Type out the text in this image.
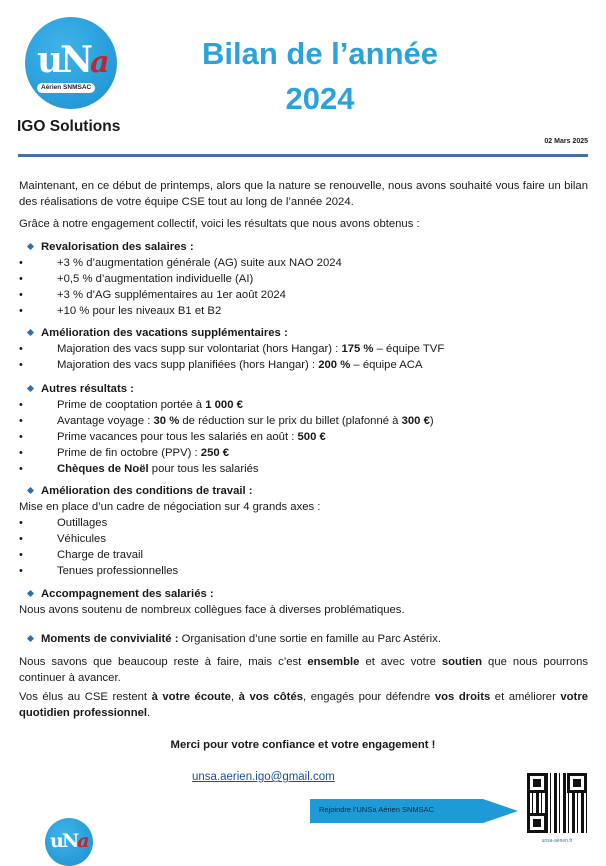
uNa
Aérien SNMSAC
IGO Solutions
Bilan de l’année
2024
02 Mars 2025
Maintenant, en ce début de printemps, alors que la nature se renouvelle, nous avons souhaité vous faire un bilan des réalisations de votre équipe CSE tout au long de l’année 2024.
Grâce à notre engagement collectif, voici les résultats que nous avons obtenus :
Revalorisation des salaires :
•	+3 % d’augmentation générale (AG) suite aux NAO 2024
•	+0,5 % d’augmentation individuelle (AI)
•	+3 % d’AG supplémentaires au 1er août 2024
•	+10 % pour les niveaux B1 et B2
Amélioration des vacations supplémentaires :
•	Majoration des vacs supp sur volontariat (hors Hangar) : 175 % – équipe TVF
•	Majoration des vacs supp planifiées (hors Hangar) : 200 % – équipe ACA
Autres résultats :
•	Prime de cooptation portée à 1 000 €
•	Avantage voyage : 30 % de réduction sur le prix du billet (plafonné à 300 €)
•	Prime vacances pour tous les salariés en août : 500 €
•	Prime de fin octobre (PPV) : 250 €
•	Chèques de Noël pour tous les salariés
Amélioration des conditions de travail :
Mise en place d’un cadre de négociation sur 4 grands axes :
•	Outillages
•	Véhicules
•	Charge de travail
•	Tenues professionnelles
Accompagnement des salariés :
Nous avons soutenu de nombreux collègues face à diverses problématiques.
Moments de convivialité : Organisation d’une sortie en famille au Parc Astérix.
Nous savons que beaucoup reste à faire, mais c’est ensemble et avec votre soutien que nous pourrons continuer à avancer.
Vos élus au CSE restent à votre écoute, à vos côtés, engagés pour défendre vos droits et améliorer votre quotidien professionnel.
Merci pour votre confiance et votre engagement !
unsa.aerien.igo@gmail.com
Rejoindre l’UNSa Aérien SNMSAC
unsa-aerien.fr
uNa
